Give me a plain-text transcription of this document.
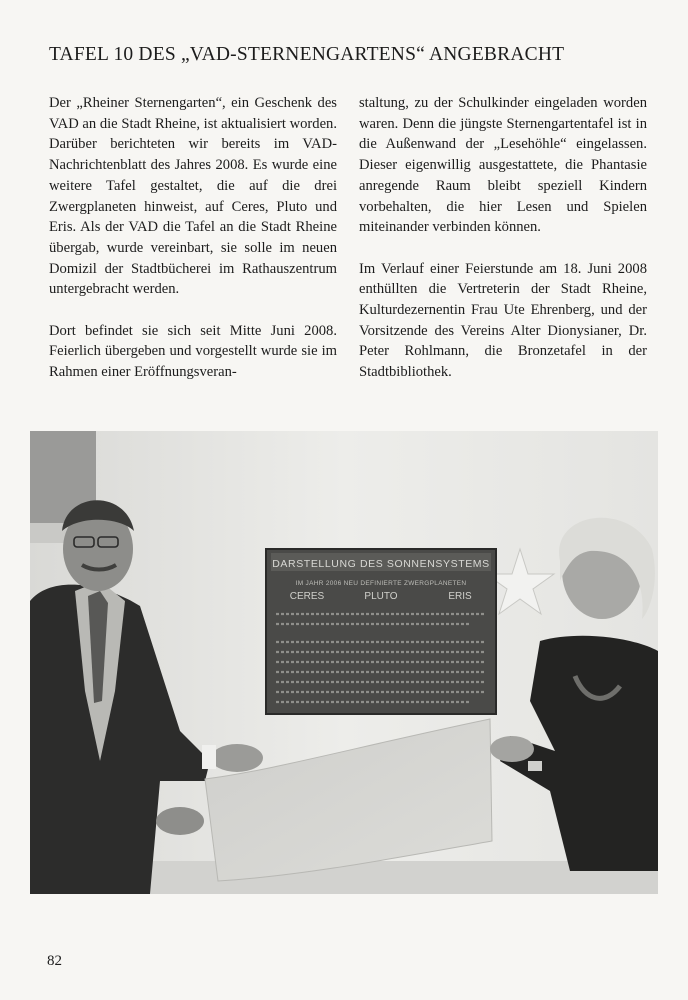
TAFEL 10 DES „VAD-STERNENGARTENS“ ANGEBRACHT

Der „Rheiner Sternengarten“, ein Geschenk des VAD an die Stadt Rheine, ist aktualisiert worden. Darüber berichteten wir bereits im VAD-Nachrichtenblatt des Jahres 2008. Es wurde eine weitere Tafel gestaltet, die auf die drei Zwergplaneten hinweist, auf Ceres, Pluto und Eris. Als der VAD die Tafel an die Stadt Rheine übergab, wurde vereinbart, sie solle im neuen Domizil der Stadtbücherei im Rathauszentrum untergebracht werden.

Dort befindet sie sich seit Mitte Juni 2008. Feierlich übergeben und vorgestellt wurde sie im Rahmen einer Eröffnungsveran-

staltung, zu der Schulkinder eingeladen worden waren. Denn die jüngste Sternengartentafel ist in die Außenwand der „Lesehöhle“ eingelassen. Dieser eigenwillig ausgestattete, die Phantasie anregende Raum bleibt speziell Kindern vorbehalten, die hier Lesen und Spielen miteinander verbinden können.

Im Verlauf einer Feierstunde am 18. Juni 2008 enthüllten die Vertreterin der Stadt Rheine, Kulturdezernentin Frau Ute Ehrenberg, und der Vorsitzende des Vereins Alter Dionysianer, Dr. Peter Rohlmann, die Bronzetafel in der Stadtbibliothek.

DARSTELLUNG DES SONNENSYSTEMS
IM JAHR 2006 NEU DEFINIERTE ZWERGPLANETEN
CERES	PLUTO	ERIS
82
